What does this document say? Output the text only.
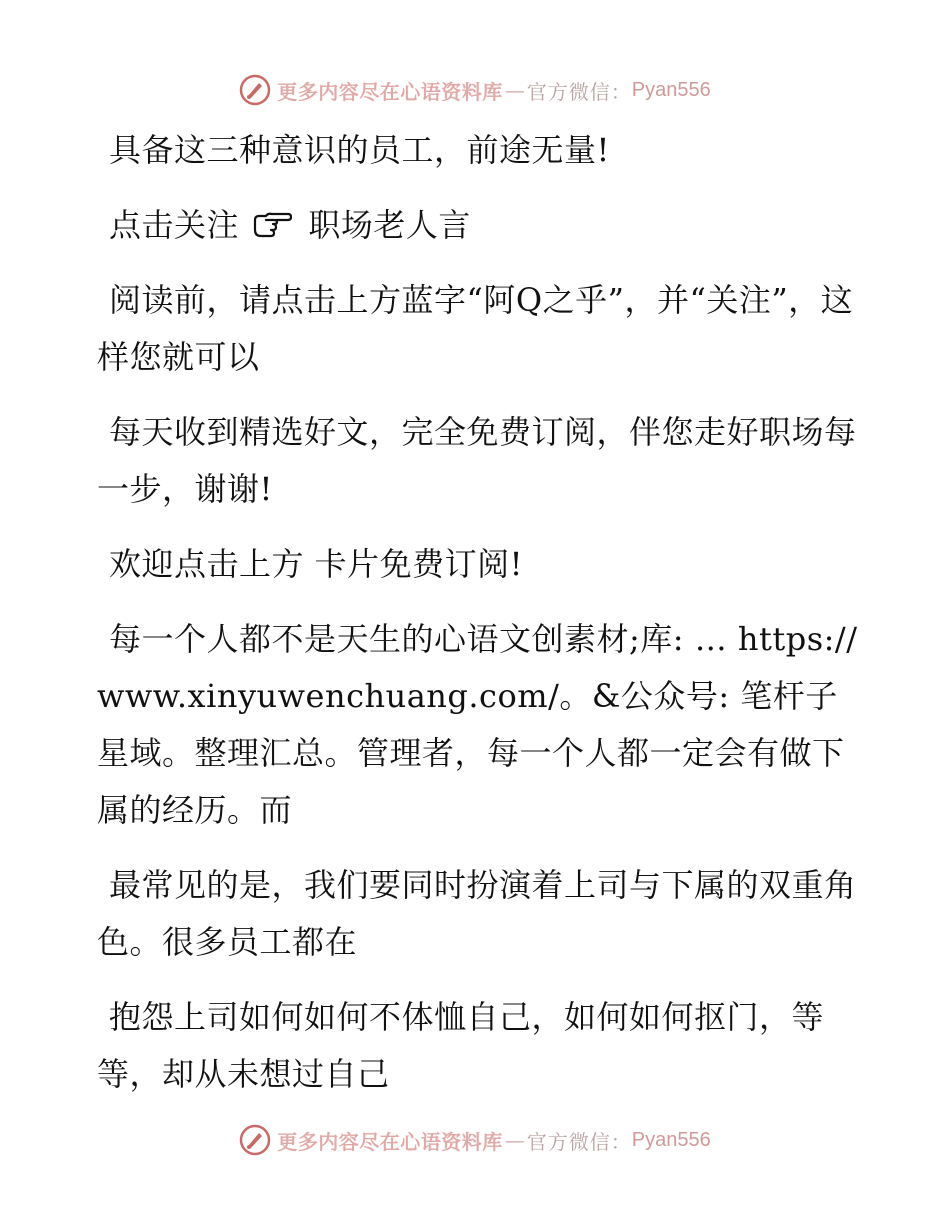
更多内容尽在心语资料库 — 官方微信： Pyan556

具备这三种意识的员工，前途无量!

点击关注 职场老人言

阅读前，请点击上方蓝字“阿Q之乎”，并“关注”，这样您就可以

每天收到精选好文，完全免费订阅，伴您走好职场每一步，谢谢!

欢迎点击上方 卡片免费订阅!

每一个人都不是天生的心语文创素材;库: … https://www.xinyuwenchuang.com/。&公众号: 笔杆子星域。整理汇总。管理者，每一个人都一定会有做下属的经历。而

最常见的是，我们要同时扮演着上司与下属的双重角色。很多员工都在

抱怨上司如何如何不体恤自己，如何如何抠门，等等，却从未想过自己

更多内容尽在心语资料库 — 官方微信： Pyan556
